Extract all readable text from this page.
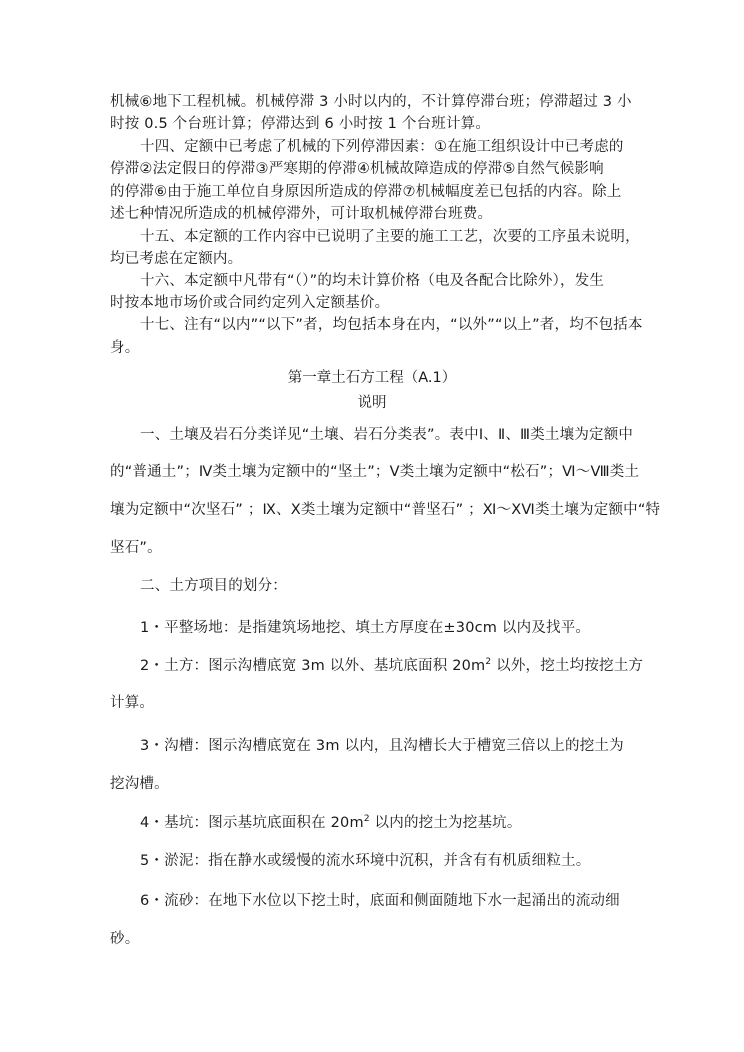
机械⑥地下工程机械。机械停滞 3 小时以内的，不计算停滞台班；停滞超过 3 小
时按 0.5 个台班计算；停滞达到 6 小时按 1 个台班计算。
十四、定额中已考虑了机械的下列停滞因素：①在施工组织设计中已考虑的
停滞②法定假日的停滞③严寒期的停滞④机械故障造成的停滞⑤自然气候影响
的停滞⑥由于施工单位自身原因所造成的停滞⑦机械幅度差已包括的内容。除上
述七种情况所造成的机械停滞外，可计取机械停滞台班费。
十五、本定额的工作内容中已说明了主要的施工工艺，次要的工序虽未说明，
均已考虑在定额内。
十六、本定额中凡带有“（）”的均未计算价格（电及各配合比除外），发生
时按本地市场价或合同约定列入定额基价。
十七、注有“以内”“以下”者，均包括本身在内，“以外”“以上”者，均不包括本
身。
第一章土石方工程（A.1）
说明
一、土壤及岩石分类详见“土壤、岩石分类表”。表中Ⅰ、Ⅱ、Ⅲ类土壤为定额中
的“普通土”；Ⅳ类土壤为定额中的“坚土”；Ⅴ类土壤为定额中“松石”；Ⅵ～Ⅷ类土
壤为定额中“次坚石” ；Ⅸ、Ⅹ类土壤为定额中“普坚石” ；Ⅺ～ⅩⅥ类土壤为定额中“特
坚石”。
二、土方项目的划分：
1・平整场地：是指建筑场地挖、填土方厚度在±30cm 以内及找平。
2・土方：图示沟槽底宽 3m 以外、基坑底面积 $20m^2$ 以外，挖土均按挖土方
计算。
3・沟槽：图示沟槽底宽在 3m 以内，且沟槽长大于槽宽三倍以上的挖土为
挖沟槽。
4・基坑：图示基坑底面积在 $20m^2$ 以内的挖土为挖基坑。
5・淤泥：指在静水或缓慢的流水环境中沉积，并含有有机质细粒土。
6・流砂：在地下水位以下挖土时，底面和侧面随地下水一起涌出的流动细
砂。
